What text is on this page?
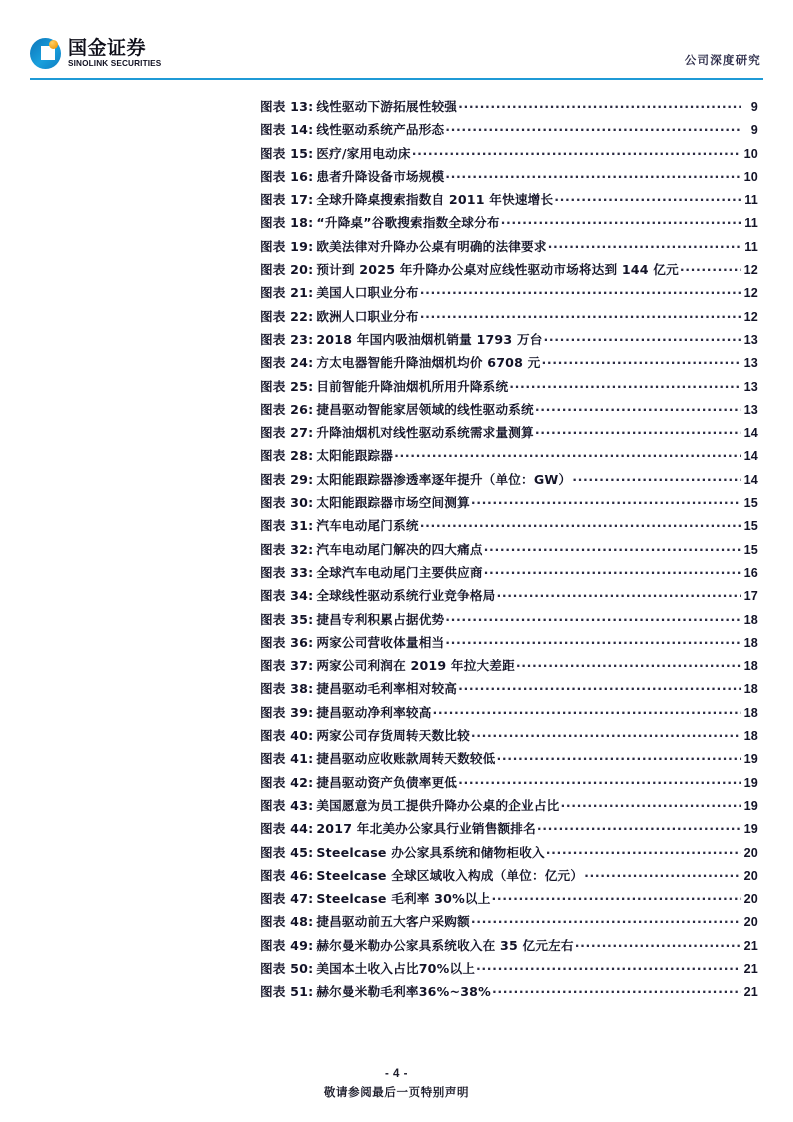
国金证券
SINOLINK SECURITIES	公司深度研究
图表 13: 线性驱动下游拓展性较强 .....	9
图表 14: 线性驱动系统产品形态 .....	9
图表 15: 医疗/家用电动床 .....	10
图表 16: 患者升降设备市场规模 .....	10
图表 17: 全球升降桌搜索指数自 2011 年快速增长 .....	11
图表 18: “升降桌”谷歌搜索指数全球分布 .....	11
图表 19: 欧美法律对升降办公桌有明确的法律要求 .....	11
图表 20: 预计到 2025 年升降办公桌对应线性驱动市场将达到 144 亿元 .....	12
图表 21: 美国人口职业分布 .....	12
图表 22: 欧洲人口职业分布 .....	12
图表 23: 2018 年国内吸油烟机销量 1793 万台 .....	13
图表 24: 方太电器智能升降油烟机均价 6708 元 .....	13
图表 25: 目前智能升降油烟机所用升降系统 .....	13
图表 26: 捷昌驱动智能家居领域的线性驱动系统 .....	13
图表 27: 升降油烟机对线性驱动系统需求量测算 .....	14
图表 28: 太阳能跟踪器 .....	14
图表 29: 太阳能跟踪器渗透率逐年提升（单位：GW） .....	14
图表 30: 太阳能跟踪器市场空间测算 .....	15
图表 31: 汽车电动尾门系统 .....	15
图表 32: 汽车电动尾门解决的四大痛点 .....	15
图表 33: 全球汽车电动尾门主要供应商 .....	16
图表 34: 全球线性驱动系统行业竞争格局 .....	17
图表 35: 捷昌专利积累占据优势 .....	18
图表 36: 两家公司营收体量相当 .....	18
图表 37: 两家公司利润在 2019 年拉大差距 .....	18
图表 38: 捷昌驱动毛利率相对较高 .....	18
图表 39: 捷昌驱动净利率较高 .....	18
图表 40: 两家公司存货周转天数比较 .....	18
图表 41: 捷昌驱动应收账款周转天数较低 .....	19
图表 42: 捷昌驱动资产负债率更低 .....	19
图表 43: 美国愿意为员工提供升降办公桌的企业占比 .....	19
图表 44: 2017 年北美办公家具行业销售额排名 .....	19
图表 45: Steelcase 办公家具系统和储物柜收入 .....	20
图表 46: Steelcase 全球区域收入构成（单位：亿元） .....	20
图表 47: Steelcase 毛利率 30%以上 .....	20
图表 48: 捷昌驱动前五大客户采购额 .....	20
图表 49: 赫尔曼米勒办公家具系统收入在 35 亿元左右 .....	21
图表 50: 美国本土收入占比70%以上 .....	21
图表 51: 赫尔曼米勒毛利率36%~38% .....	21
- 4 -
敬请参阅最后一页特别声明
